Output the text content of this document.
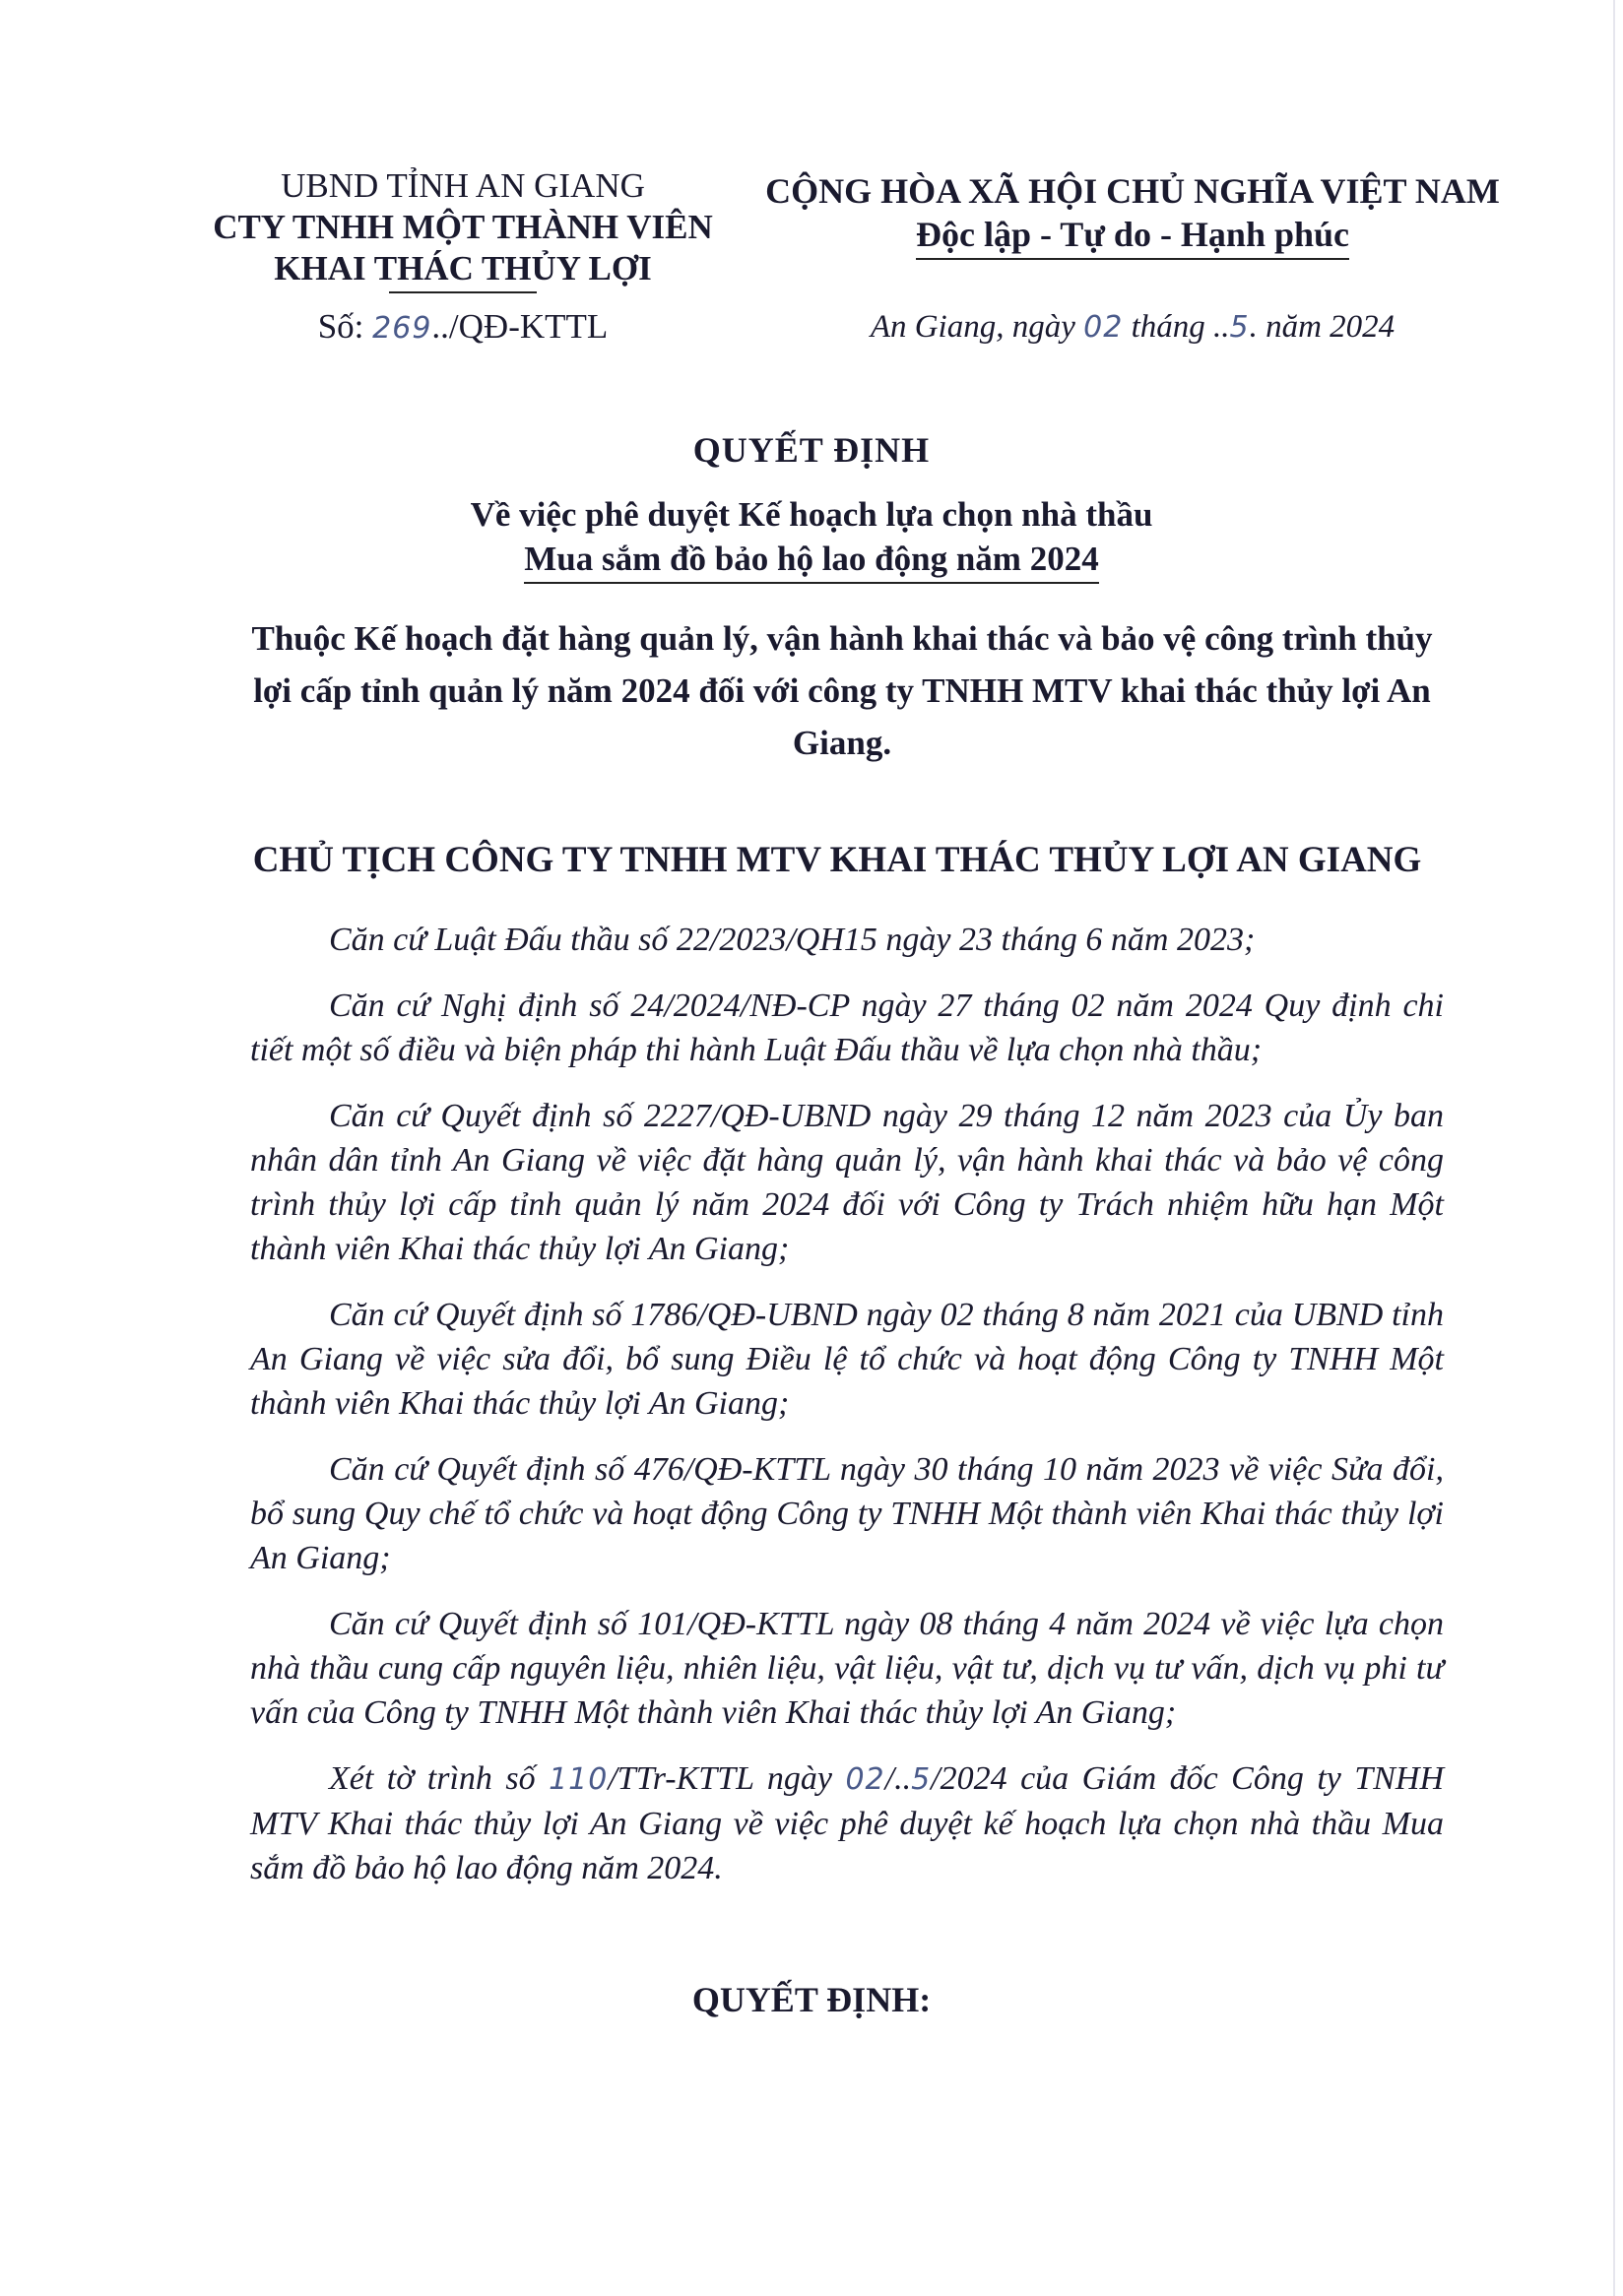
UBND TỈNH AN GIANG
CTY TNHH MỘT THÀNH VIÊN
KHAI THÁC THỦY LỢI
Số: 269../QĐ-KTTL
CỘNG HÒA XÃ HỘI CHỦ NGHĨA VIỆT NAM
Độc lập - Tự do - Hạnh phúc
An Giang, ngày 02 tháng ..5. năm 2024
QUYẾT ĐỊNH
Về việc phê duyệt Kế hoạch lựa chọn nhà thầu
Mua sắm đồ bảo hộ lao động năm 2024
Thuộc Kế hoạch đặt hàng quản lý, vận hành khai thác và bảo vệ công trình thủy lợi cấp tỉnh quản lý năm 2024 đối với công ty TNHH MTV khai thác thủy lợi An Giang.
CHỦ TỊCH CÔNG TY TNHH MTV KHAI THÁC THỦY LỢI AN GIANG

Căn cứ Luật Đấu thầu số 22/2023/QH15 ngày 23 tháng 6 năm 2023;

Căn cứ Nghị định số 24/2024/NĐ-CP ngày 27 tháng 02 năm 2024 Quy định chi tiết một số điều và biện pháp thi hành Luật Đấu thầu về lựa chọn nhà thầu;

Căn cứ Quyết định số 2227/QĐ-UBND ngày 29 tháng 12 năm 2023 của Ủy ban nhân dân tỉnh An Giang về việc đặt hàng quản lý, vận hành khai thác và bảo vệ công trình thủy lợi cấp tỉnh quản lý năm 2024 đối với Công ty Trách nhiệm hữu hạn Một thành viên Khai thác thủy lợi An Giang;

Căn cứ Quyết định số 1786/QĐ-UBND ngày 02 tháng 8 năm 2021 của UBND tỉnh An Giang về việc sửa đổi, bổ sung Điều lệ tổ chức và hoạt động Công ty TNHH Một thành viên Khai thác thủy lợi An Giang;

Căn cứ Quyết định số 476/QĐ-KTTL ngày 30 tháng 10 năm 2023 về việc Sửa đổi, bổ sung Quy chế tổ chức và hoạt động Công ty TNHH Một thành viên Khai thác thủy lợi An Giang;

Căn cứ Quyết định số 101/QĐ-KTTL ngày 08 tháng 4 năm 2024 về việc lựa chọn nhà thầu cung cấp nguyên liệu, nhiên liệu, vật liệu, vật tư, dịch vụ tư vấn, dịch vụ phi tư vấn của Công ty TNHH Một thành viên Khai thác thủy lợi An Giang;

Xét tờ trình số 110/TTr-KTTL ngày 02/..5/2024 của Giám đốc Công ty TNHH MTV Khai thác thủy lợi An Giang về việc phê duyệt kế hoạch lựa chọn nhà thầu Mua sắm đồ bảo hộ lao động năm 2024.

QUYẾT ĐỊNH:
